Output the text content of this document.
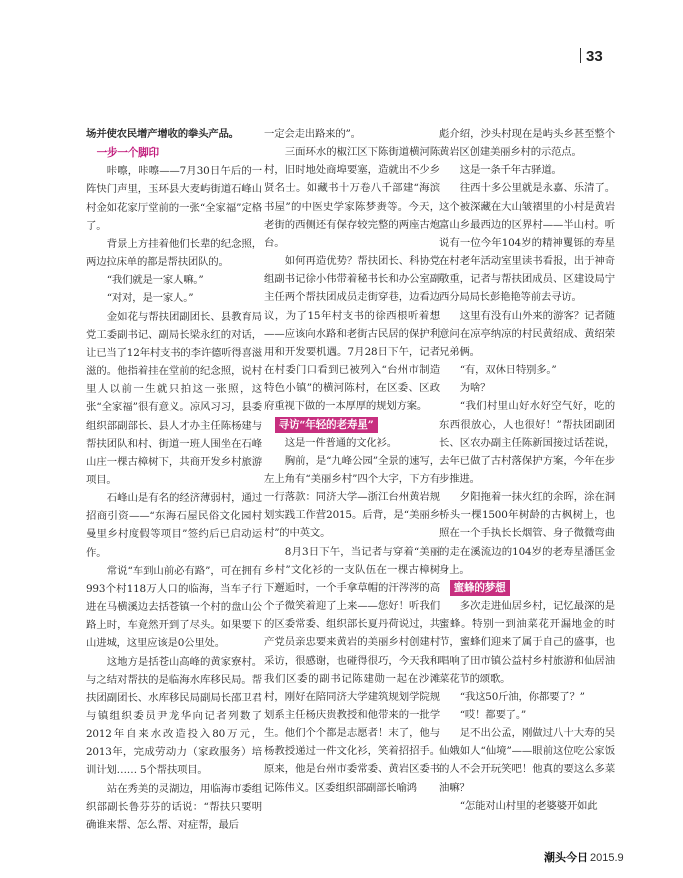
33

场并使农民增产增收的拳头产品。

一步一个脚印

咔嚓，咔嚓——7月30日午后的一阵快门声里，玉环县大麦屿街道石峰山村金如花家厅堂前的一张“全家福”定格了。

背景上方挂着他们长辈的纪念照，两边拉床单的都是帮扶团队的。

“我们就是一家人嘛。”

“对对，是一家人。”

金如花与帮扶团副团长、县教育局党工委副书记、副局长梁永红的对话，让已当了12年村支书的李许德听得喜滋滋的。他指着挂在堂前的纪念照，说村里人以前一生就只拍这一张照，这张“全家福”很有意义。凉风习习，县委组织部副部长、县人才办主任陈杨建与帮扶团队和村、街道一班人围坐在石峰山庄一棵古樟树下，共商开发乡村旅游项目。

石峰山是有名的经济薄弱村，通过招商引资——“东海石屋民俗文化园村曼里乡村度假等项目”签约后已启动运作。

常说“车到山前必有路”，可在拥有993个村118万人口的临海，当车子行进在马横溪边去括苍镇一个村的盘山公路上时，车竟然开到了尽头。如果要下山进城，这里应该是0公里处。

这地方是括苍山高峰的黄家寮村。与之结对帮扶的是临海水库移民局。帮扶团副团长、水库移民局副局长邵卫君与镇组织委员尹龙华向记者列数了2012年自来水改造投入80万元，2013年，完成劳动力（家政服务）培训计划…… 5个帮扶项目。

站在秀美的灵湖边，用临海市委组织部副长鲁芬芬的话说：“帮扶只要明确谁来帮、怎么帮、对症帮，最后

一定会走出路来的”。

三面环水的椒江区下陈街道横河陈村，旧时地处商埠要塞，造就出不少乡贤名士。如藏书十万卷八千部建“海滨书屋”的中医史学家陈梦赉等。今天，老街的西侧还有保存较完整的两座古炮台。

如何再造优势？帮扶团长、科协党组副书记徐小伟带着秘书长和办公室副主任两个帮扶团成员走街穿巷，边看边议，为了15年村支书的徐西根听着想——应该向水路和老街古民居的保护利用和开发要机遇。7月28日下午，记者在村委门口看到已被列入“台州市制造特色小镇”的横河陈村，在区委、区政府重视下做的一本厚厚的规划方案。

寻访“年轻的老寿星”

这是一件普通的文化衫。

胸前，是“九峰公园”全景的速写，左上角有“美丽乡村”四个大字，下方有一行落款：同济大学—浙江台州黄岩规划实践工作营2015。后背，是“美丽乡村”的中英文。

8月3日下午，当记者与穿着“美丽乡村”文化衫的一支队伍在一棵古樟树下邂逅时，一个手拿草帽的汗涔涔的高个子微笑着迎了上来——您好！听我们的区委常委、组织部长夏丹荷说过，共产党员亲忠要来黄岩的美丽乡村创建村采访，很感谢，也碰得很巧，今天我和我们区委的副书记陈建勋一起在沙滩村，刚好在陪同济大学建筑规划学院规划系主任杨庆贵教授和他带来的一批学生。他们个个都是志愿者！末了，他与杨教授递过一件文化衫，笑着招招手。原来，他是台州市委常委、黄岩区委书记陈伟义。区委组织部副部长喻鸿

彪介绍，沙头村现在是屿头乡甚至整个黄岩区创建美丽乡村的示范点。

这是一条千年古驿道。

往西十多公里就是永嘉、乐清了。这个被深藏在大山皱褶里的小村是黄岩富山乡最西边的区界村——半山村。听说有一位今年104岁的精神矍铄的寿星在村老年活动室里读书看报，出于神奇敬重，记者与帮扶团成员、区建设局宁西分局局长彭艳艳等前去寻访。

这里有没有山外来的游客？记者随意问在凉亭纳凉的村民黄绍成、黄绍荣兄弟俩。

“有，双休日特别多。”

为啥？

“我们村里山好水好空气好，吃的东西很放心，人也很好！”帮扶团副团长、区农办副主任陈新国接过话茬说，去年已做了古村落保护方案，今年在步步推进。

夕阳拖着一抹火红的余晖，涂在洞桥头一棵1500年树龄的古枫树上，也照在一个手执长长烟管、身子微微弯曲的走在溪流边的104岁的老寿星潘匡金身上。

蜜蜂的梦想

多次走进仙居乡村，记忆最深的是蜜蜂。特别一到油菜花开漏地金的时节，蜜蜂们迎来了属于自己的盛事，也唱响了田市镇公益村乡村旅游和仙居油菜花节的颂歌。

“我这50斤油，你都要了？”

“哎！都要了。”

足不出公孟，刚做过八十大寿的吴仙娥如人“仙境”——眼前这位吃公家饭的人不会开玩笑吧！他真的要这么多菜油嘛？

“怎能对山村里的老婆婆开如此

潮头今日 2015.9
